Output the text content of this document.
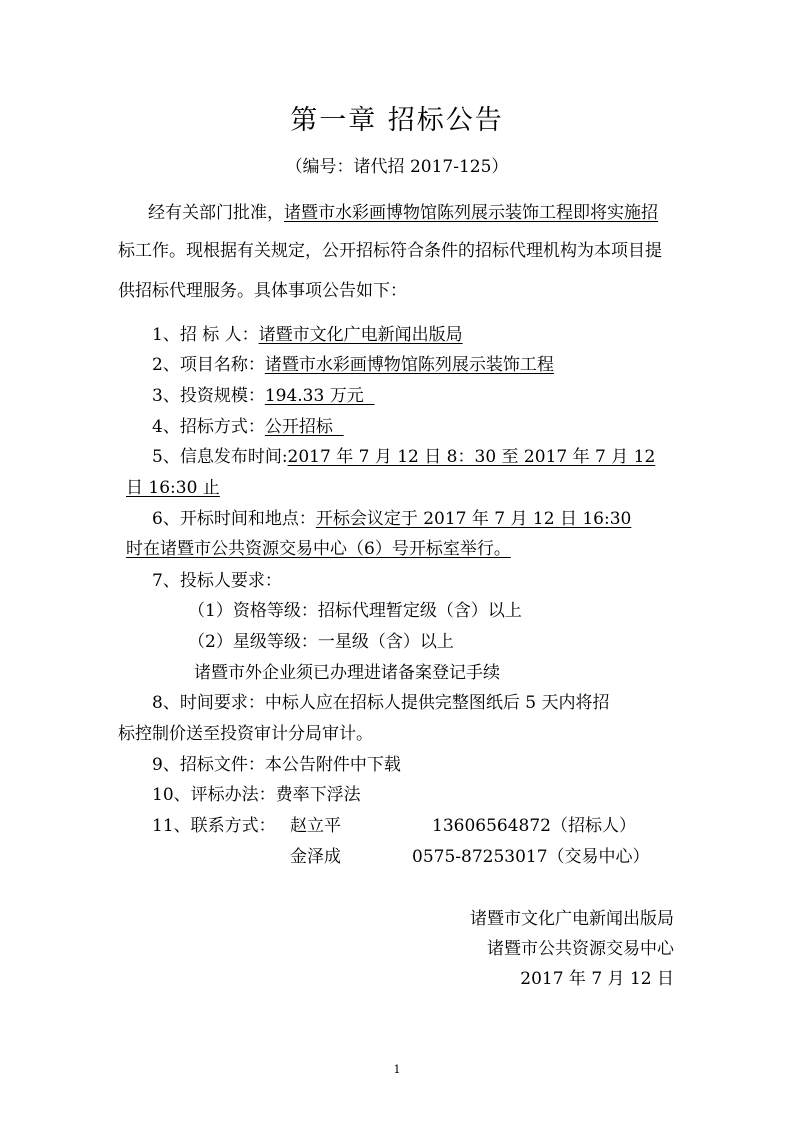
第一章 招标公告
（编号：诸代招 2017-125）
经有关部门批准，诸暨市水彩画博物馆陈列展示装饰工程即将实施招
标工作。现根据有关规定，公开招标符合条件的招标代理机构为本项目提
供招标代理服务。具体事项公告如下：
1、招 标 人：诸暨市文化广电新闻出版局
2、项目名称：诸暨市水彩画博物馆陈列展示装饰工程
3、投资规模：194.33 万元
4、招标方式：公开招标
5、信息发布时间:2017 年 7 月 12 日 8：30 至 2017 年 7 月 12
日 16:30 止
6、开标时间和地点：开标会议定于 2017 年 7 月 12 日 16:30
时在诸暨市公共资源交易中心（6）号开标室举行。
7、投标人要求：
（1）资格等级：招标代理暂定级（含）以上
（2）星级等级：一星级（含）以上
诸暨市外企业须已办理进诸备案登记手续
8、时间要求：中标人应在招标人提供完整图纸后 5 天内将招
标控制价送至投资审计分局审计。
9、招标文件：本公告附件中下载
10、评标办法：费率下浮法
11、联系方式： 赵立平	13606564872（招标人）
金泽成	0575-87253017（交易中心）
诸暨市文化广电新闻出版局
诸暨市公共资源交易中心
2017 年 7 月 12 日
1
